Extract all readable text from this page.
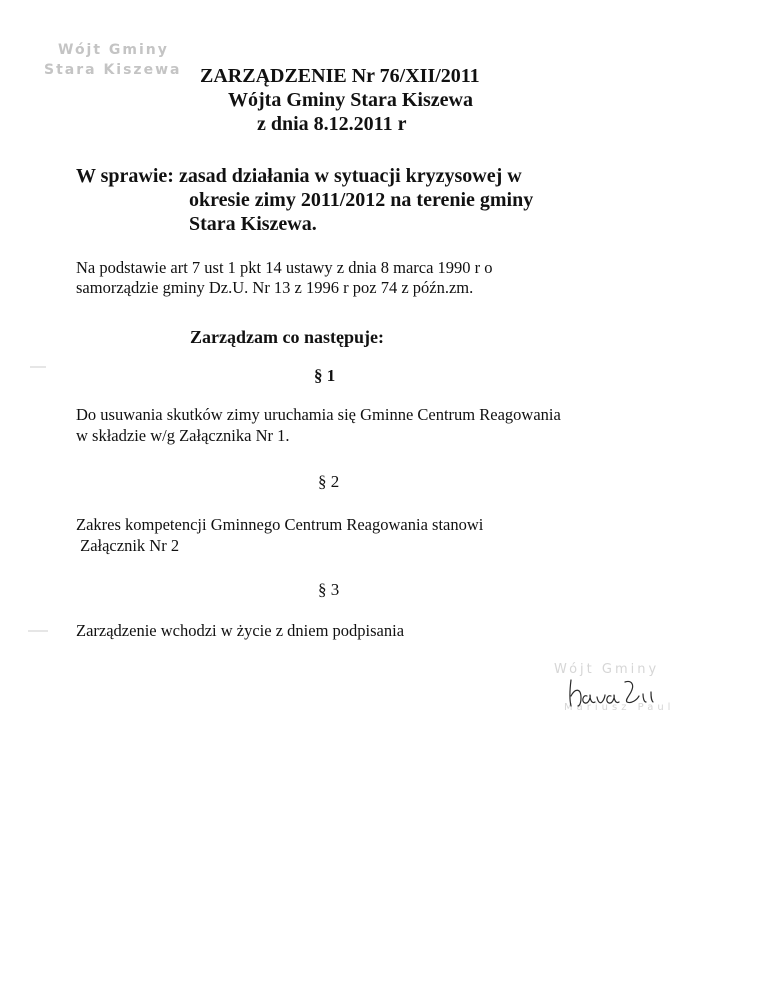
Wójt Gminy
Stara Kiszewa ZARZĄDZENIE Nr 76/XII/2011
Wójta Gminy Stara Kiszewa
z dnia 8.12.2011 r
W sprawie: zasad działania w sytuacji kryzysowej w
okresie zimy 2011/2012 na terenie gminy
Stara Kiszewa.
Na podstawie art 7 ust 1 pkt 14 ustawy z dnia 8 marca 1990 r o
samorządzie gminy Dz.U. Nr 13 z 1996 r poz 74 z późn.zm.
Zarządzam co następuje:
§ 1
Do usuwania skutków zimy uruchamia się Gminne Centrum Reagowania
w składzie w/g Załącznika Nr 1.
§ 2
Zakres kompetencji Gminnego Centrum Reagowania stanowi
Załącznik Nr 2
§ 3
Zarządzenie wchodzi w życie z dniem podpisania
Wójt Gminy
Mariusz Paul
